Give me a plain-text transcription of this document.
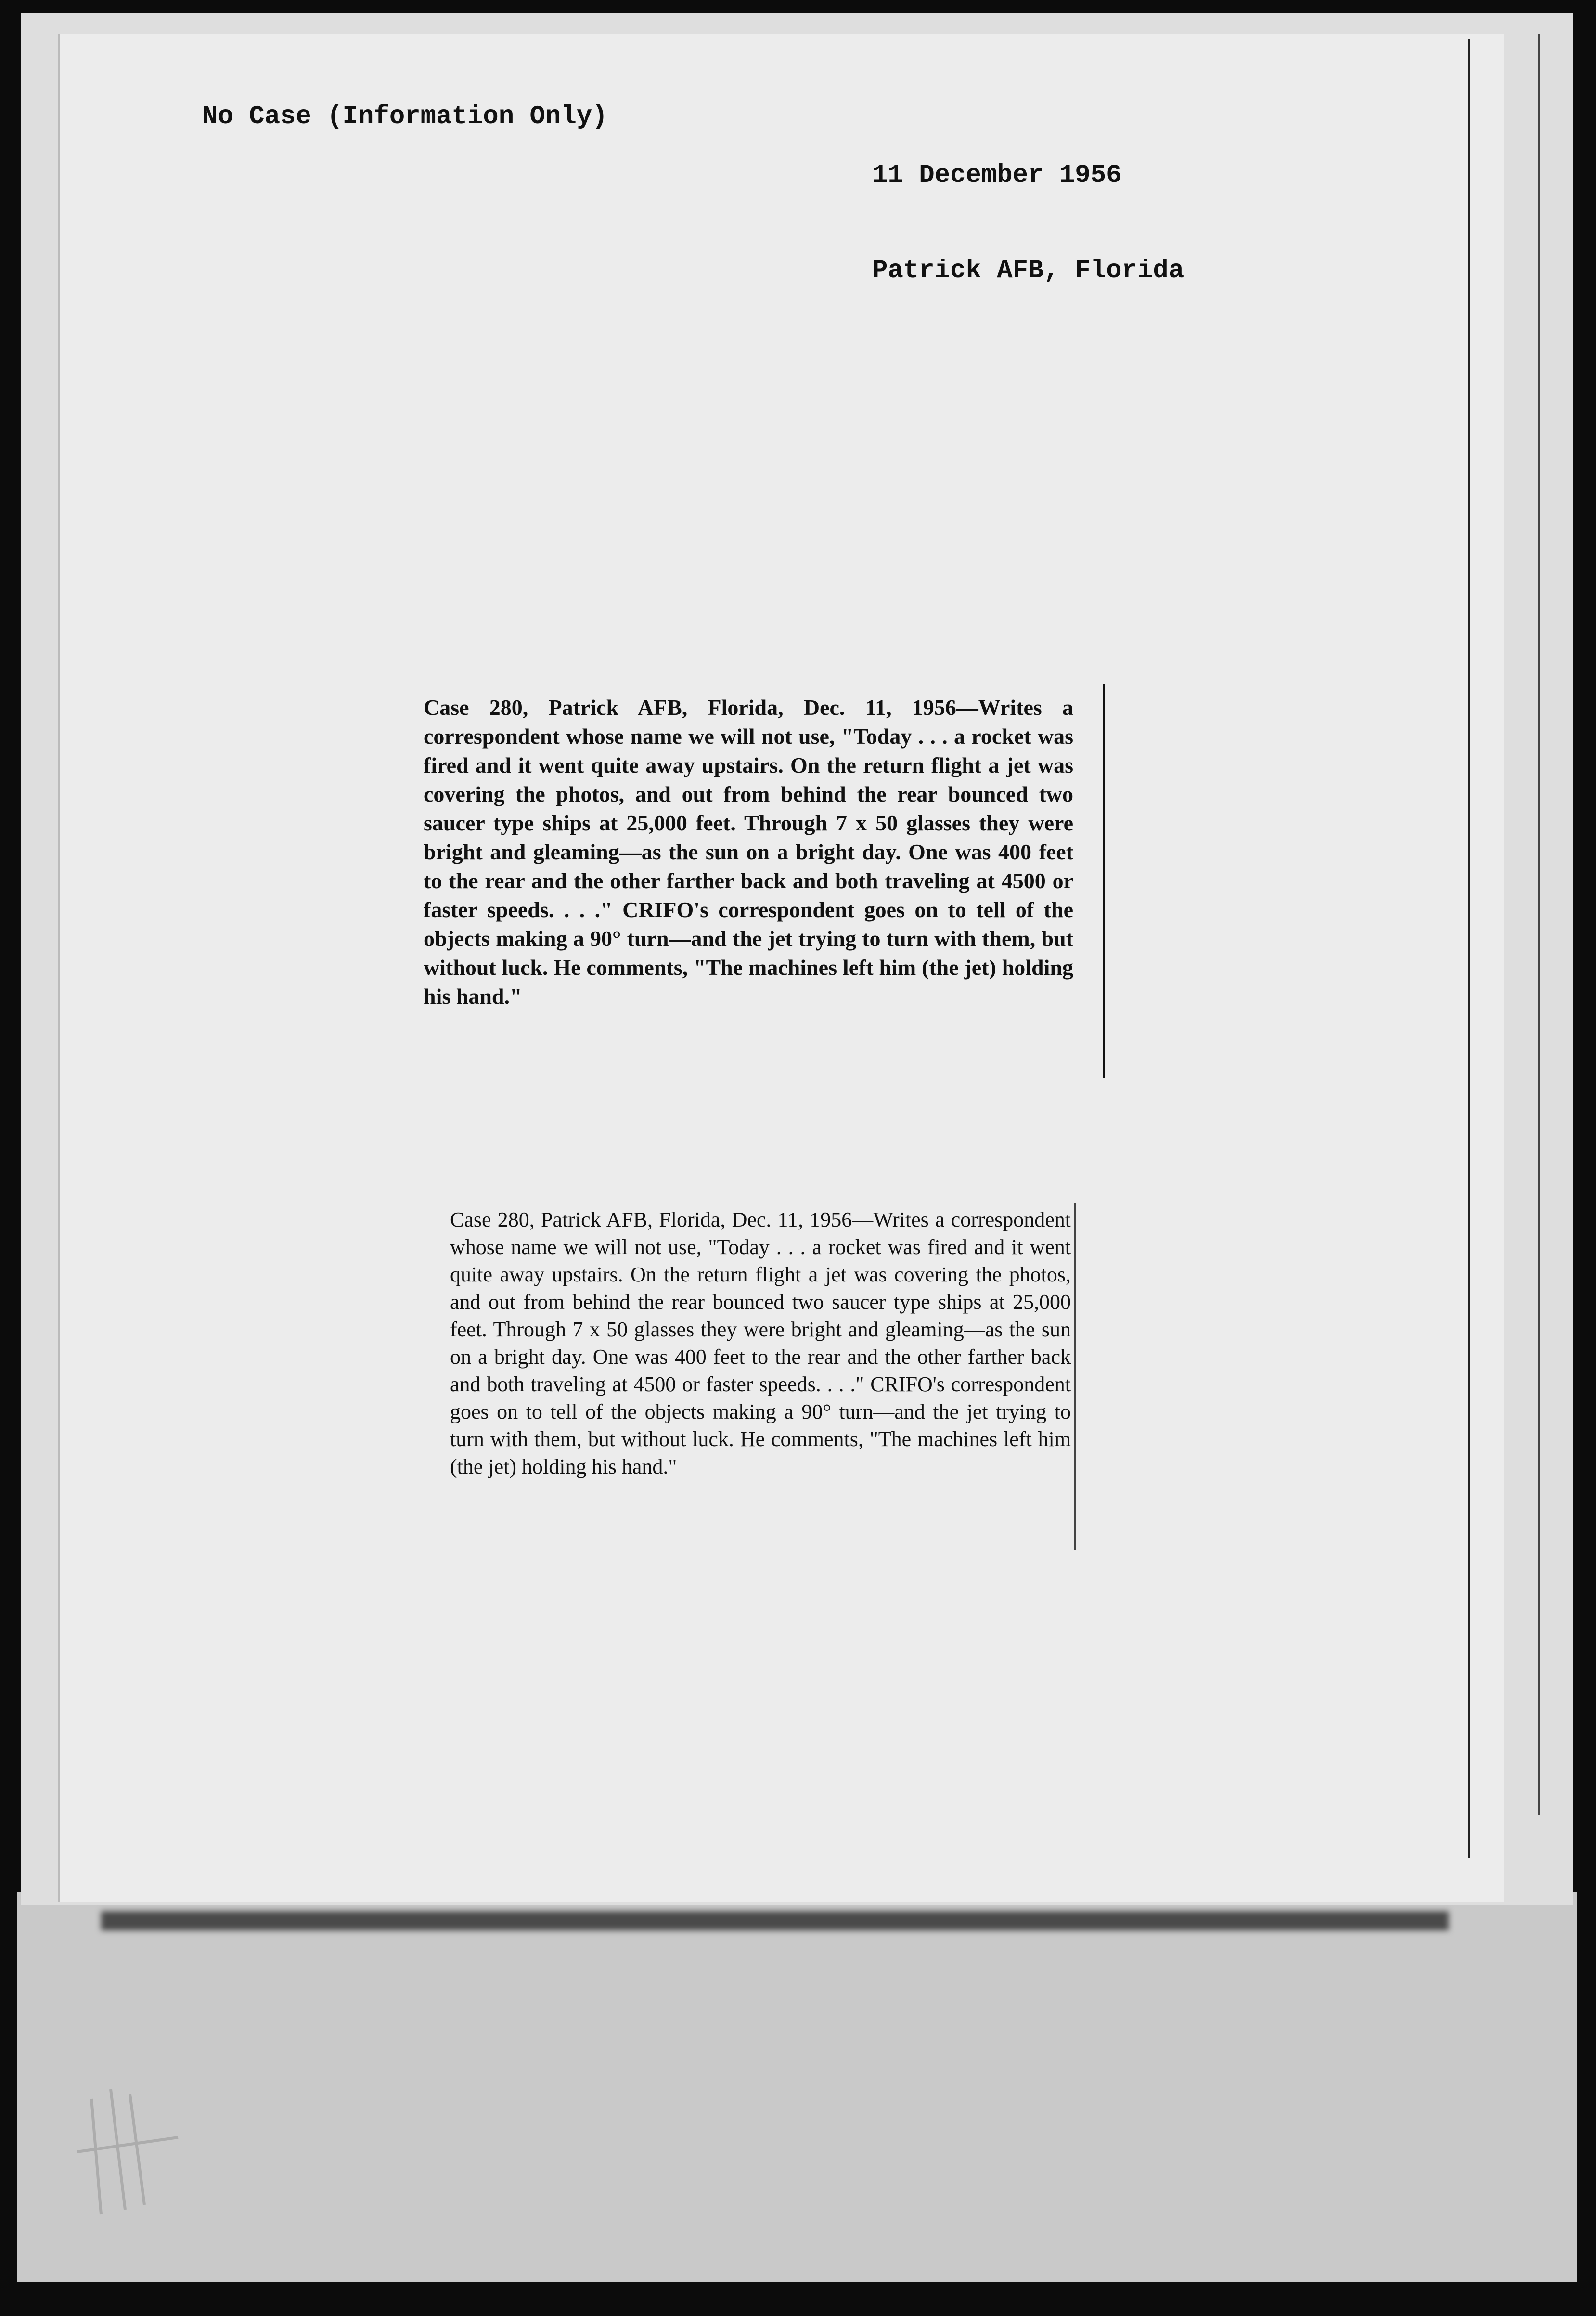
No Case (Information Only)

11 December 1956

Patrick AFB, Florida

Case 280, Patrick AFB, Florida, Dec. 11, 1956—Writes a correspondent whose name we will not use, "Today . . . a rocket was fired and it went quite away upstairs. On the return flight a jet was covering the photos, and out from behind the rear bounced two saucer type ships at 25,000 feet. Through 7 x 50 glasses they were bright and gleaming—as the sun on a bright day. One was 400 feet to the rear and the other farther back and both traveling at 4500 or faster speeds. . . ." CRIFO's correspondent goes on to tell of the objects making a 90° turn—and the jet trying to turn with them, but without luck. He comments, "The machines left him (the jet) holding his hand."

Case 280, Patrick AFB, Florida, Dec. 11, 1956—Writes a correspondent whose name we will not use, "Today . . . a rocket was fired and it went quite away upstairs. On the return flight a jet was covering the photos, and out from behind the rear bounced two saucer type ships at 25,000 feet. Through 7 x 50 glasses they were bright and gleaming—as the sun on a bright day. One was 400 feet to the rear and the other farther back and both traveling at 4500 or faster speeds. . . ." CRIFO's correspondent goes on to tell of the objects making a 90° turn—and the jet trying to turn with them, but without luck. He comments, "The machines left him (the jet) holding his hand."
